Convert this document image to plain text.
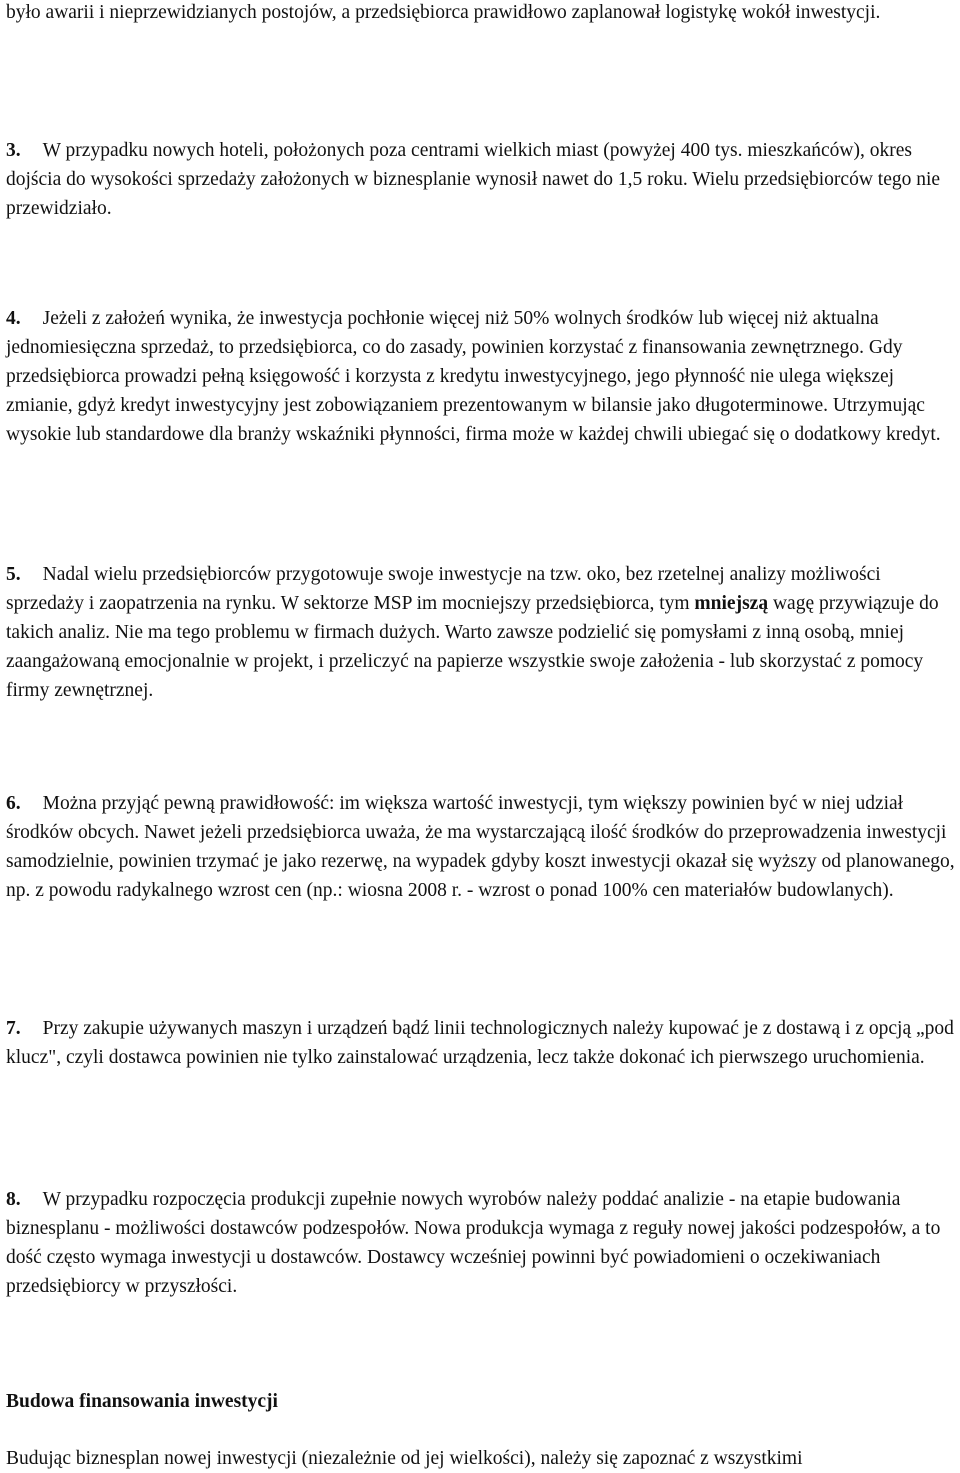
było awarii i nieprzewidzianych postojów, a przedsiębiorca prawidłowo zaplanował logistykę wokół inwestycji.

3. W przypadku nowych hoteli, położonych poza centrami wielkich miast (powyżej 400 tys. mieszkańców), okres dojścia do wysokości sprzedaży założonych w biznesplanie wynosił nawet do 1,5 roku. Wielu przedsiębiorców tego nie przewidziało.

4. Jeżeli z założeń wynika, że inwestycja pochłonie więcej niż 50% wolnych środków lub więcej niż aktualna jednomiesięczna sprzedaż, to przedsiębiorca, co do zasady, powinien korzystać z finansowania zewnętrznego. Gdy przedsiębiorca prowadzi pełną księgowość i korzysta z kredytu inwestycyjnego, jego płynność nie ulega większej zmianie, gdyż kredyt inwestycyjny jest zobowiązaniem prezentowanym w bilansie jako długoterminowe. Utrzymując wysokie lub standardowe dla branży wskaźniki płynności, firma może w każdej chwili ubiegać się o dodatkowy kredyt.

5. Nadal wielu przedsiębiorców przygotowuje swoje inwestycje na tzw. oko, bez rzetelnej analizy możliwości sprzedaży i zaopatrzenia na rynku. W sektorze MSP im mocniejszy przedsiębiorca, tym mniejszą wagę przywiązuje do takich analiz. Nie ma tego problemu w firmach dużych. Warto zawsze podzielić się pomysłami z inną osobą, mniej zaangażowaną emocjonalnie w projekt, i przeliczyć na papierze wszystkie swoje założenia - lub skorzystać z pomocy firmy zewnętrznej.

6. Można przyjąć pewną prawidłowość: im większa wartość inwestycji, tym większy powinien być w niej udział środków obcych. Nawet jeżeli przedsiębiorca uważa, że ma wystarczającą ilość środków do przeprowadzenia inwestycji samodzielnie, powinien trzymać je jako rezerwę, na wypadek gdyby koszt inwestycji okazał się wyższy od planowanego, np. z powodu radykalnego wzrost cen (np.: wiosna 2008 r. - wzrost o ponad 100% cen materiałów budowlanych).

7. Przy zakupie używanych maszyn i urządzeń bądź linii technologicznych należy kupować je z dostawą i z opcją „pod klucz", czyli dostawca powinien nie tylko zainstalować urządzenia, lecz także dokonać ich pierwszego uruchomienia.

8. W przypadku rozpoczęcia produkcji zupełnie nowych wyrobów należy poddać analizie - na etapie budowania biznesplanu - możliwości dostawców podzespołów. Nowa produkcja wymaga z reguły nowej jakości podzespołów, a to dość często wymaga inwestycji u dostawców. Dostawcy wcześniej powinni być powiadomieni o oczekiwaniach przedsiębiorcy w przyszłości.

Budowa finansowania inwestycji

Budując biznesplan nowej inwestycji (niezależnie od jej wielkości), należy się zapoznać z wszystkimi
